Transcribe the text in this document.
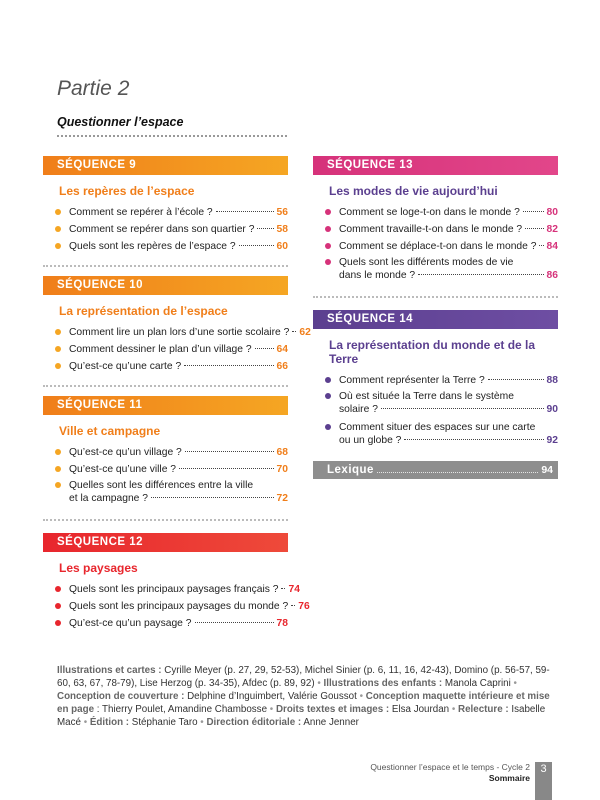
Partie 2
Questionner l’espace
SÉQUENCE 9
Les repères de l’espace
Comment se repérer à l’école ?	56
Comment se repérer dans son quartier ? 58
Quels sont les repères de l’espace ?	60
SÉQUENCE 10
La représentation de l’espace
Comment lire un plan lors d’une sortie scolaire ? 62
Comment dessiner le plan d’un village ? 64
Qu’est-ce qu’une carte ?	66
SÉQUENCE 11
Ville et campagne
Qu’est-ce qu’un village ?	68
Qu’est-ce qu’une ville ?	70
Quelles sont les différences entre la ville
et la campagne ?	72
SÉQUENCE 12
Les paysages
Quels sont les principaux paysages français ? 74
Quels sont les principaux paysages du monde ? 76
Qu’est-ce qu’un paysage ?	78
SÉQUENCE 13
Les modes de vie aujourd’hui
Comment se loge-t-on dans le monde ?	80
Comment travaille-t-on dans le monde ? 82
Comment se déplace-t-on dans le monde ? 84
Quels sont les différents modes de vie
dans le monde ?	86
SÉQUENCE 14
La représentation du monde et de la Terre
Comment représenter la Terre ?	88
Où est située la Terre dans le système
solaire ?	90
Comment situer des espaces sur une carte
ou un globe ?	92
Lexique	94
Illustrations et cartes : Cyrille Meyer (p. 27, 29, 52-53), Michel Sinier (p. 6, 11, 16, 42-43), Domino (p. 56-57, 59-60, 63, 67, 78-79), Lise Herzog (p. 34-35), Afdec (p. 89, 92) • Illustrations des enfants : Manola Caprini • Conception de couverture : Delphine d’Inguimbert, Valérie Goussot • Conception maquette intérieure et mise en page : Thierry Poulet, Amandine Chambosse • Droits textes et images : Elsa Jourdan • Relecture : Isabelle Macé • Édition : Stéphanie Taro • Direction éditoriale : Anne Jenner
Questionner l’espace et le temps - Cycle 2
Sommaire
3
